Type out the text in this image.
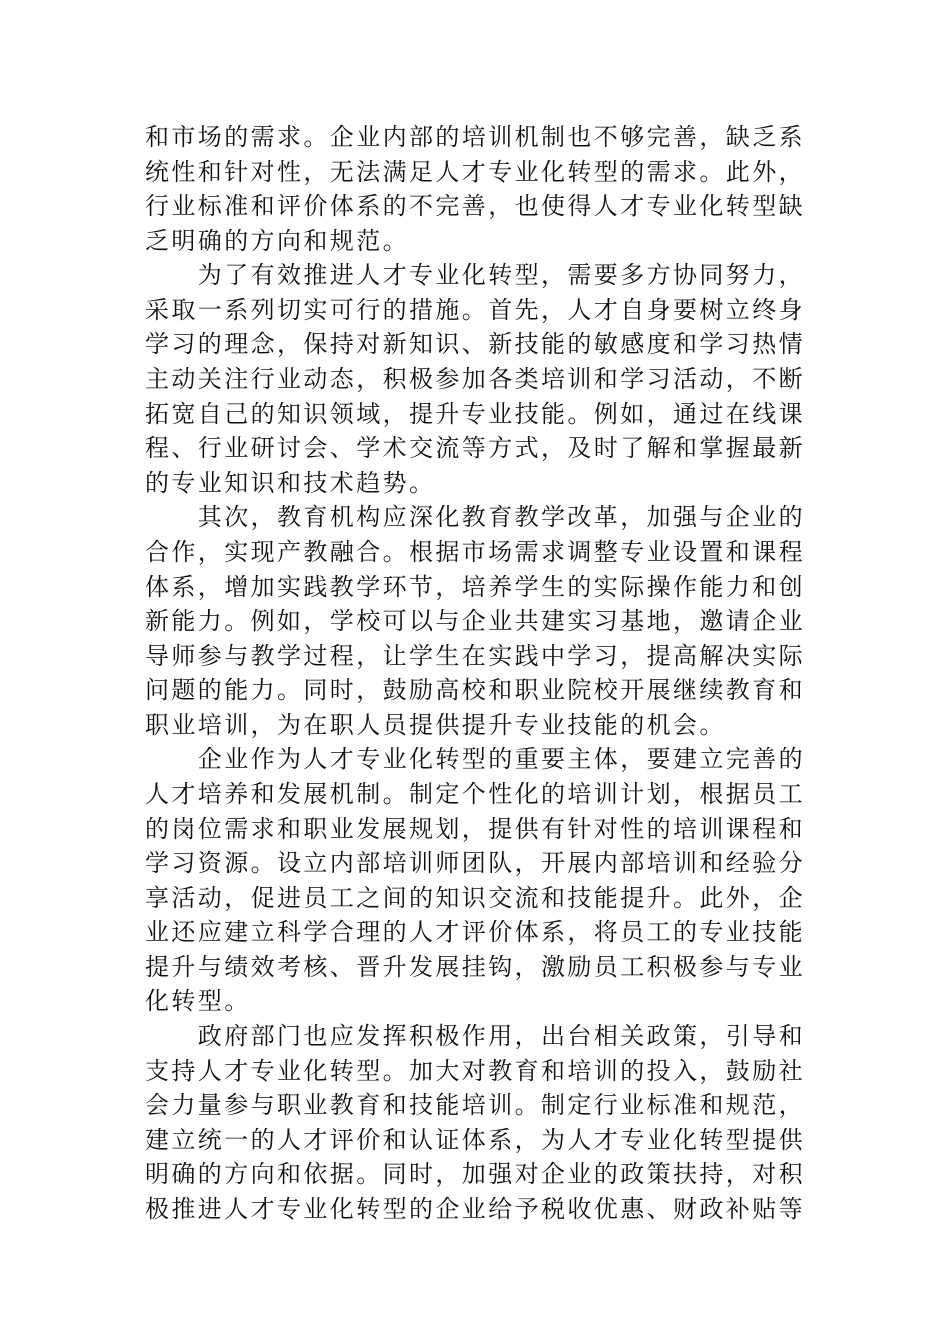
和市场的需求。企业内部的培训机制也不够完善，缺乏系
统性和针对性，无法满足人才专业化转型的需求。此外，
行业标准和评价体系的不完善，也使得人才专业化转型缺
乏明确的方向和规范。
为了有效推进人才专业化转型，需要多方协同努力，
采取一系列切实可行的措施。首先，人才自身要树立终身
学习的理念，保持对新知识、新技能的敏感度和学习热情
主动关注行业动态，积极参加各类培训和学习活动，不断
拓宽自己的知识领域，提升专业技能。例如，通过在线课
程、行业研讨会、学术交流等方式，及时了解和掌握最新
的专业知识和技术趋势。
其次，教育机构应深化教育教学改革，加强与企业的
合作，实现产教融合。根据市场需求调整专业设置和课程
体系，增加实践教学环节，培养学生的实际操作能力和创
新能力。例如，学校可以与企业共建实习基地，邀请企业
导师参与教学过程，让学生在实践中学习，提高解决实际
问题的能力。同时，鼓励高校和职业院校开展继续教育和
职业培训，为在职人员提供提升专业技能的机会。
企业作为人才专业化转型的重要主体，要建立完善的
人才培养和发展机制。制定个性化的培训计划，根据员工
的岗位需求和职业发展规划，提供有针对性的培训课程和
学习资源。设立内部培训师团队，开展内部培训和经验分
享活动，促进员工之间的知识交流和技能提升。此外，企
业还应建立科学合理的人才评价体系，将员工的专业技能
提升与绩效考核、晋升发展挂钩，激励员工积极参与专业
化转型。
政府部门也应发挥积极作用，出台相关政策，引导和
支持人才专业化转型。加大对教育和培训的投入，鼓励社
会力量参与职业教育和技能培训。制定行业标准和规范，
建立统一的人才评价和认证体系，为人才专业化转型提供
明确的方向和依据。同时，加强对企业的政策扶持，对积
极推进人才专业化转型的企业给予税收优惠、财政补贴等
